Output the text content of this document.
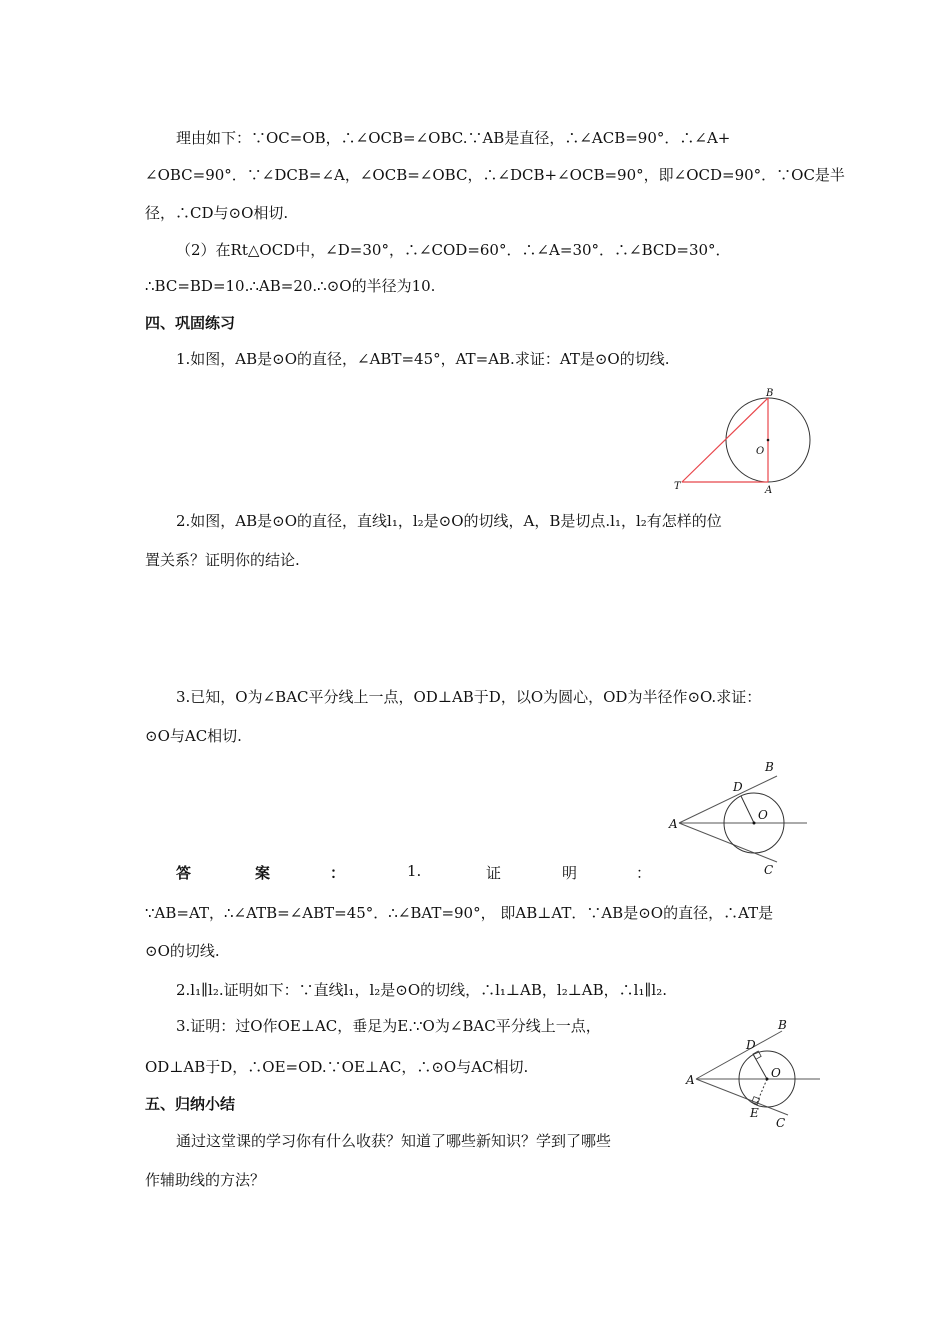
理由如下：∵OC=OB，∴∠OCB=∠OBC.∵AB是直径，∴∠ACB=90°．∴∠A+
∠OBC=90°．∵∠DCB=∠A，∠OCB=∠OBC，∴∠DCB+∠OCB=90°，即∠OCD=90°．∵OC是半
径，∴CD与⊙O相切.
（2）在Rt△OCD中，∠D=30°，∴∠COD=60°．∴∠A=30°．∴∠BCD=30°．
∴BC=BD=10.∴AB=20.∴⊙O的半径为10.
四、巩固练习
1.如图，AB是⊙O的直径，∠ABT=45°，AT=AB.求证：AT是⊙O的切线.
B
O
T	A
2.如图，AB是⊙O的直径，直线l₁，l₂是⊙O的切线，A，B是切点.l₁，l₂有怎样的位
置关系？证明你的结论.
3.已知，O为∠BAC平分线上一点，OD⊥AB于D，以O为圆心，OD为半径作⊙O.求证：
⊙O与AC相切.
B
D
A
O
C
答	案	：	1.	证	明	：
∵AB=AT，∴∠ATB=∠ABT=45°．∴∠BAT=90°， 即AB⊥AT．∵AB是⊙O的直径，∴AT是
⊙O的切线.
2.l₁∥l₂.证明如下：∵直线l₁，l₂是⊙O的切线，∴l₁⊥AB，l₂⊥AB，∴l₁∥l₂.
3.证明：过O作OE⊥AC，垂足为E.∵O为∠BAC平分线上一点，
OD⊥AB于D，∴OE=OD.∵OE⊥AC，∴⊙O与AC相切.
B
D
A	O
E
C
五、归纳小结
通过这堂课的学习你有什么收获？知道了哪些新知识？学到了哪些
作辅助线的方法？
